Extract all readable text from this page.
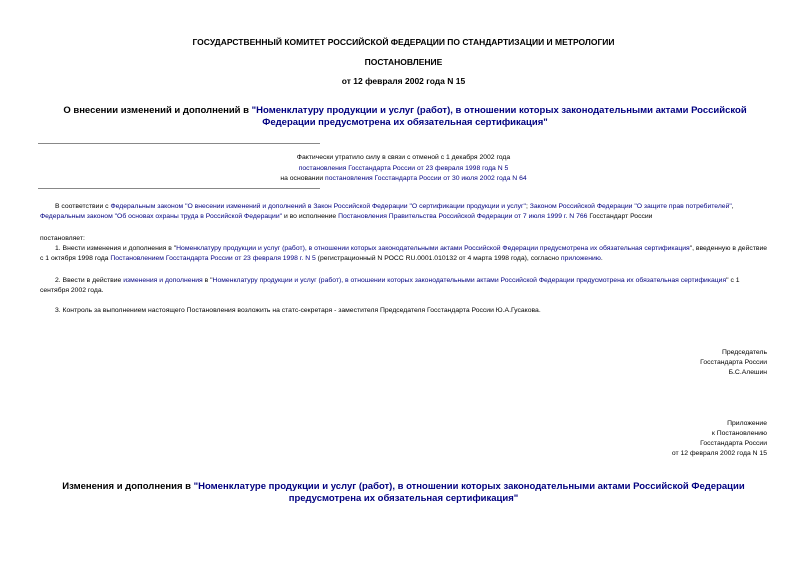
ГОСУДАРСТВЕННЫЙ КОМИТЕТ РОССИЙСКОЙ ФЕДЕРАЦИИ ПО СТАНДАРТИЗАЦИИ И МЕТРОЛОГИИ
ПОСТАНОВЛЕНИЕ
от 12 февраля 2002 года N 15
О внесении изменений и дополнений в "Номенклатуру продукции и услуг (работ), в отношении которых законодательными актами Российской Федерации предусмотрена их обязательная сертификация"
Фактически утратило силу в связи с отменой с 1 декабря 2002 года
постановления Госстандарта России от 23 февраля 1998 года N 5
на основании постановления Госстандарта России от 30 июля 2002 года N 64
В соответствии с Федеральным законом "О внесении изменений и дополнений в Закон Российской Федерации "О сертификации продукции и услуг"; Законом Российской Федерации "О защите прав потребителей", Федеральным законом "Об основах охраны труда в Российской Федерации" и во исполнение Постановления Правительства Российской Федерации от 7 июля 1999 г. N 766 Госстандарт России
постановляет:
1. Внести изменения и дополнения в "Номенклатуру продукции и услуг (работ), в отношении которых законодательными актами Российской Федерации предусмотрена их обязательная сертификация", введенную в действие с 1 октября 1998 года Постановлением Госстандарта России от 23 февраля 1998 г. N 5 (регистрационный N РОСС RU.0001.010132 от 4 марта 1998 года), согласно приложению.
2. Ввести в действие изменения и дополнения в "Номенклатуру продукции и услуг (работ), в отношении которых законодательными актами Российской Федерации предусмотрена их обязательная сертификация" с 1 сентября 2002 года.
3. Контроль за выполнением настоящего Постановления возложить на статс-секретаря - заместителя Председателя Госстандарта России Ю.А.Гусакова.
Председатель
Госстандарта России
Б.С.Алешин
Приложение
к Постановлению
Госстандарта России
от 12 февраля 2002 года N 15
Изменения и дополнения в "Номенклатуре продукции и услуг (работ), в отношении которых законодательными актами Российской Федерации предусмотрена их обязательная сертификация"
